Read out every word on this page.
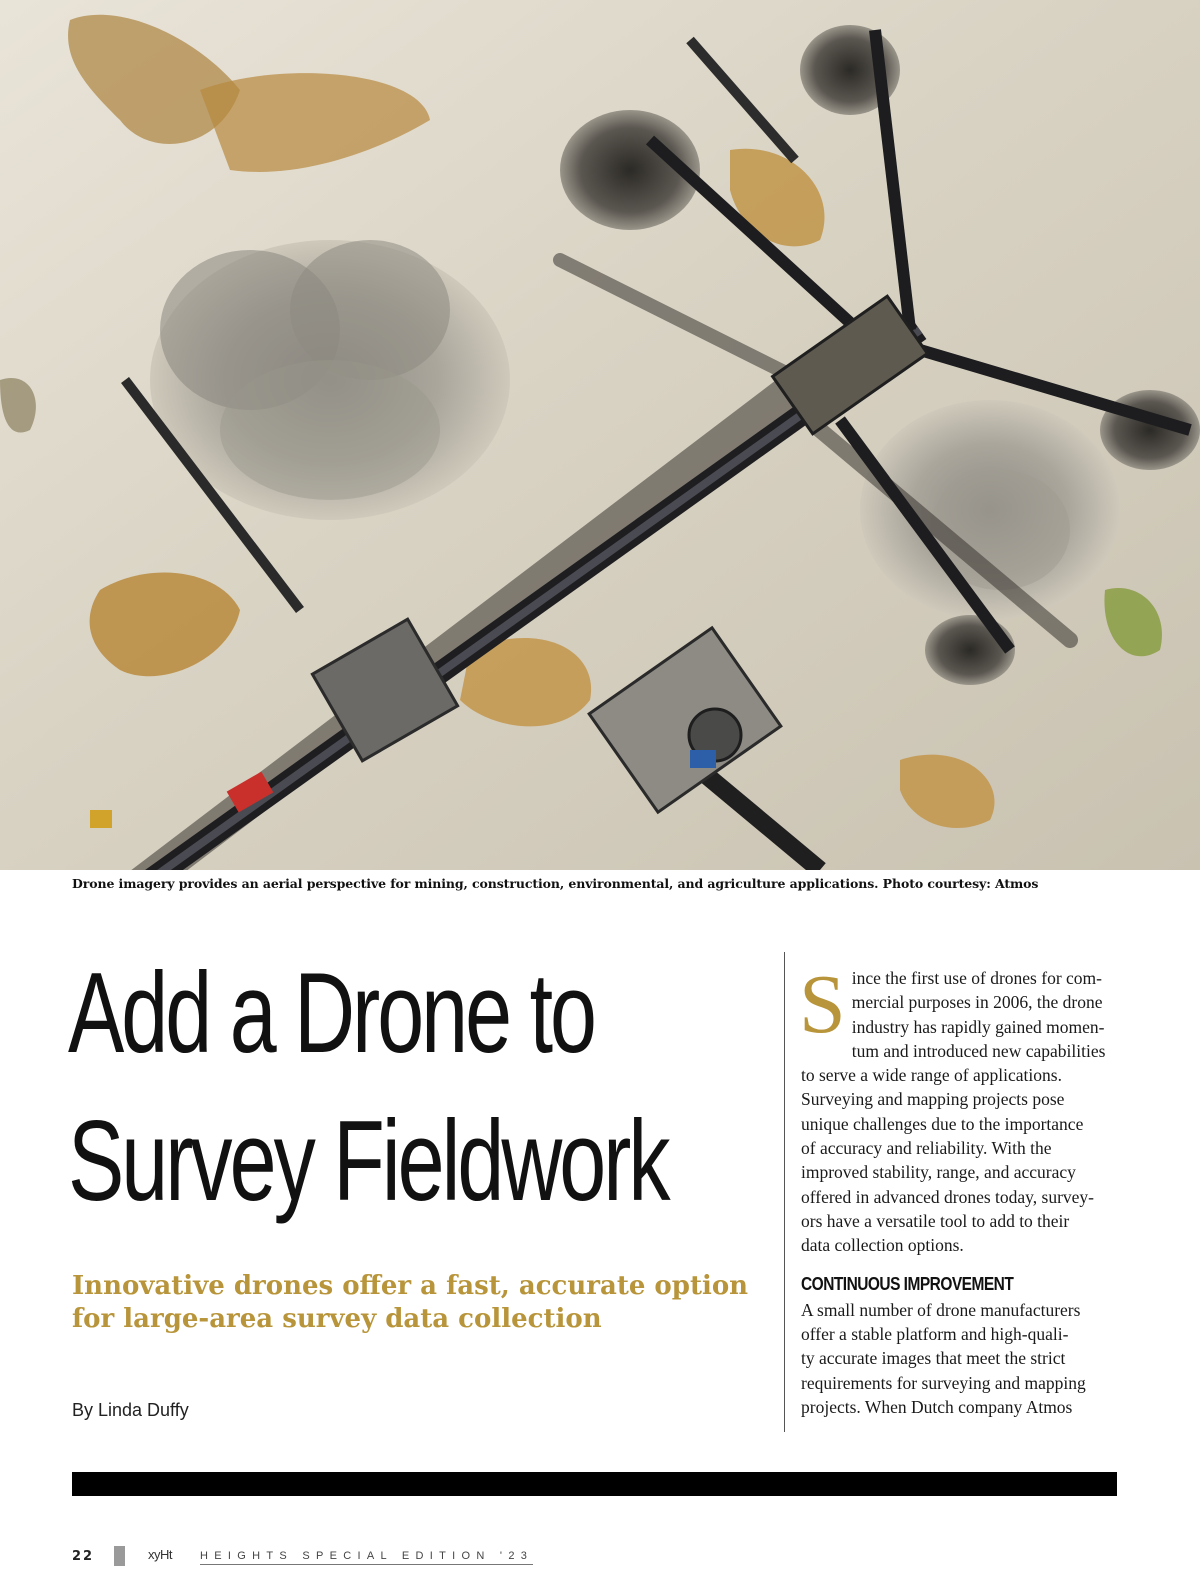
Drone imagery provides an aerial perspective for mining, construction, environmental, and agriculture applications. Photo courtesy: Atmos
Add a Drone to
Survey Fieldwork
Innovative drones offer a fast, accurate option
for large-area survey data collection
By Linda Duffy
S ince the first use of drones for com-
mercial purposes in 2006, the drone
industry has rapidly gained momen-
tum and introduced new capabilities
to serve a wide range of applications.
Surveying and mapping projects pose
unique challenges due to the importance
of accuracy and reliability. With the
improved stability, range, and accuracy
offered in advanced drones today, survey-
ors have a versatile tool to add to their
data collection options.
CONTINUOUS IMPROVEMENT
A small number of drone manufacturers
offer a stable platform and high-quali-
ty accurate images that meet the strict
requirements for surveying and mapping
projects. When Dutch company Atmos
22	xyHt	HEIGHTS SPECIAL EDITION '23
